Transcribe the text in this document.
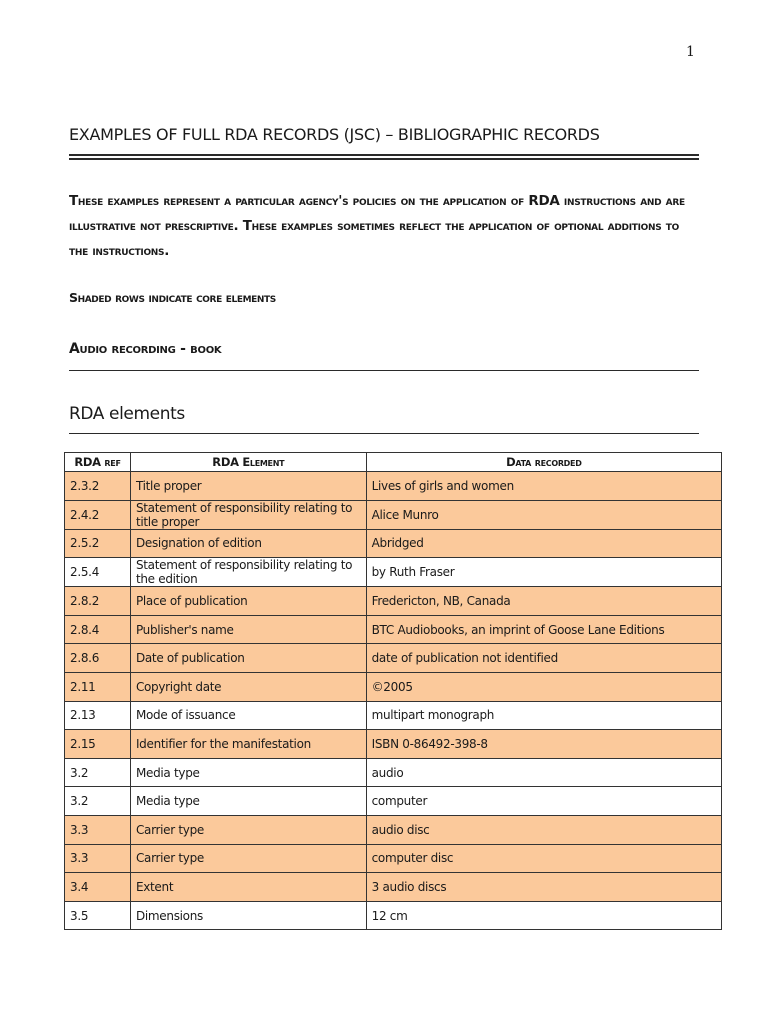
1
EXAMPLES OF FULL RDA RECORDS (JSC) – BIBLIOGRAPHIC RECORDS
These examples represent a particular agency's policies on the application of RDA instructions and are illustrative not prescriptive. These examples sometimes reflect the application of optional additions to the instructions.
Shaded rows indicate core elements
Audio recording - book
RDA elements
RDA ref	RDA Element	Data recorded
2.3.2	Title proper	Lives of girls and women
2.4.2	Statement of responsibility relating to title proper	Alice Munro
2.5.2	Designation of edition	Abridged
2.5.4	Statement of responsibility relating to the edition	by Ruth Fraser
2.8.2	Place of publication	Fredericton, NB, Canada
2.8.4	Publisher's name	BTC Audiobooks, an imprint of Goose Lane Editions
2.8.6	Date of publication	date of publication not identified
2.11	Copyright date	©2005
2.13	Mode of issuance	multipart monograph
2.15	Identifier for the manifestation	ISBN 0-86492-398-8
3.2	Media type	audio
3.2	Media type	computer
3.3	Carrier type	audio disc
3.3	Carrier type	computer disc
3.4	Extent	3 audio discs
3.5	Dimensions	12 cm
